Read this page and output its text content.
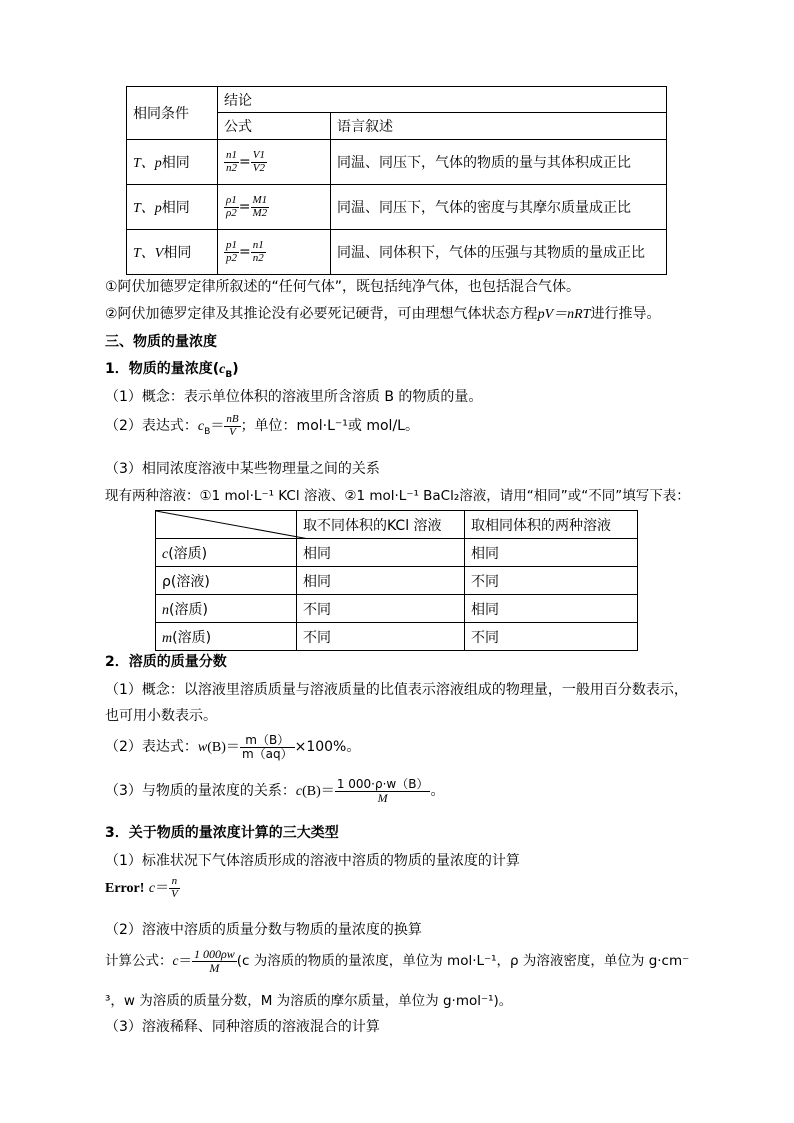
相同条件	结论	
	公式	语言叙述
T、p相同	$\frac{n1}{n2} = \frac{V1}{V2}$	同温、同压下，气体的物质的量与其体积成正比
T、p相同	$\frac{\rho 1}{\rho 2} = \frac{M1}{M2}$	同温、同压下，气体的密度与其摩尔质量成正比
T、V相同	$\frac{p1}{p2} = \frac{n1}{n2}$	同温、同体积下，气体的压强与其物质的量成正比
①阿伏加德罗定律所叙述的“任何气体”，既包括纯净气体，也包括混合气体。
②阿伏加德罗定律及其推论没有必要死记硬背，可由理想气体状态方程pV＝nRT进行推导。
三、物质的量浓度
1．物质的量浓度$(c_B)$
（1）概念：表示单位体积的溶液里所含溶质 B 的物质的量。
（2）表达式：$c_B= \frac{nB}{V}$ ；单位：mol·L⁻¹或 mol/L。
（3）相同浓度溶液中某些物理量之间的关系
现有两种溶液：①1 mol·L⁻¹ KCl 溶液、②1 mol·L⁻¹ BaCl₂溶液，请用“相同”或“不同”填写下表：
	取不同体积的KCl 溶液	取相同体积的两种溶液
c(溶质)	相同	相同
ρ(溶液)	相同	不同
n(溶质)	不同	相同
m(溶质)	不同	不同
2．溶质的质量分数
（1）概念：以溶液里溶质质量与溶液质量的比值表示溶液组成的物理量，一般用百分数表示，
也可用小数表示。
（2）表达式：$w(B)= \frac{m(B)}{m(aq)} \times 100\%$。
（3）与物质的量浓度的关系：$c(B)= \frac{1 000\cdot\rho\cdot w(B)}{M}$ 。
3．关于物质的量浓度计算的三大类型
（1）标准状况下气体溶质形成的溶液中溶质的物质的量浓度的计算
Error! $c= \frac{n}{V}$
（2）溶液中溶质的质量分数与物质的量浓度的换算
计算公式：$c= \frac{1 000\rho w}{M} (c$ 为溶质的物质的量浓度，单位为 mol·L⁻¹，ρ 为溶液密度，单位为 g·cm⁻
³，w 为溶质的质量分数，M 为溶质的摩尔质量，单位为 g·mol⁻¹)。
（3）溶液稀释、同种溶质的溶液混合的计算
